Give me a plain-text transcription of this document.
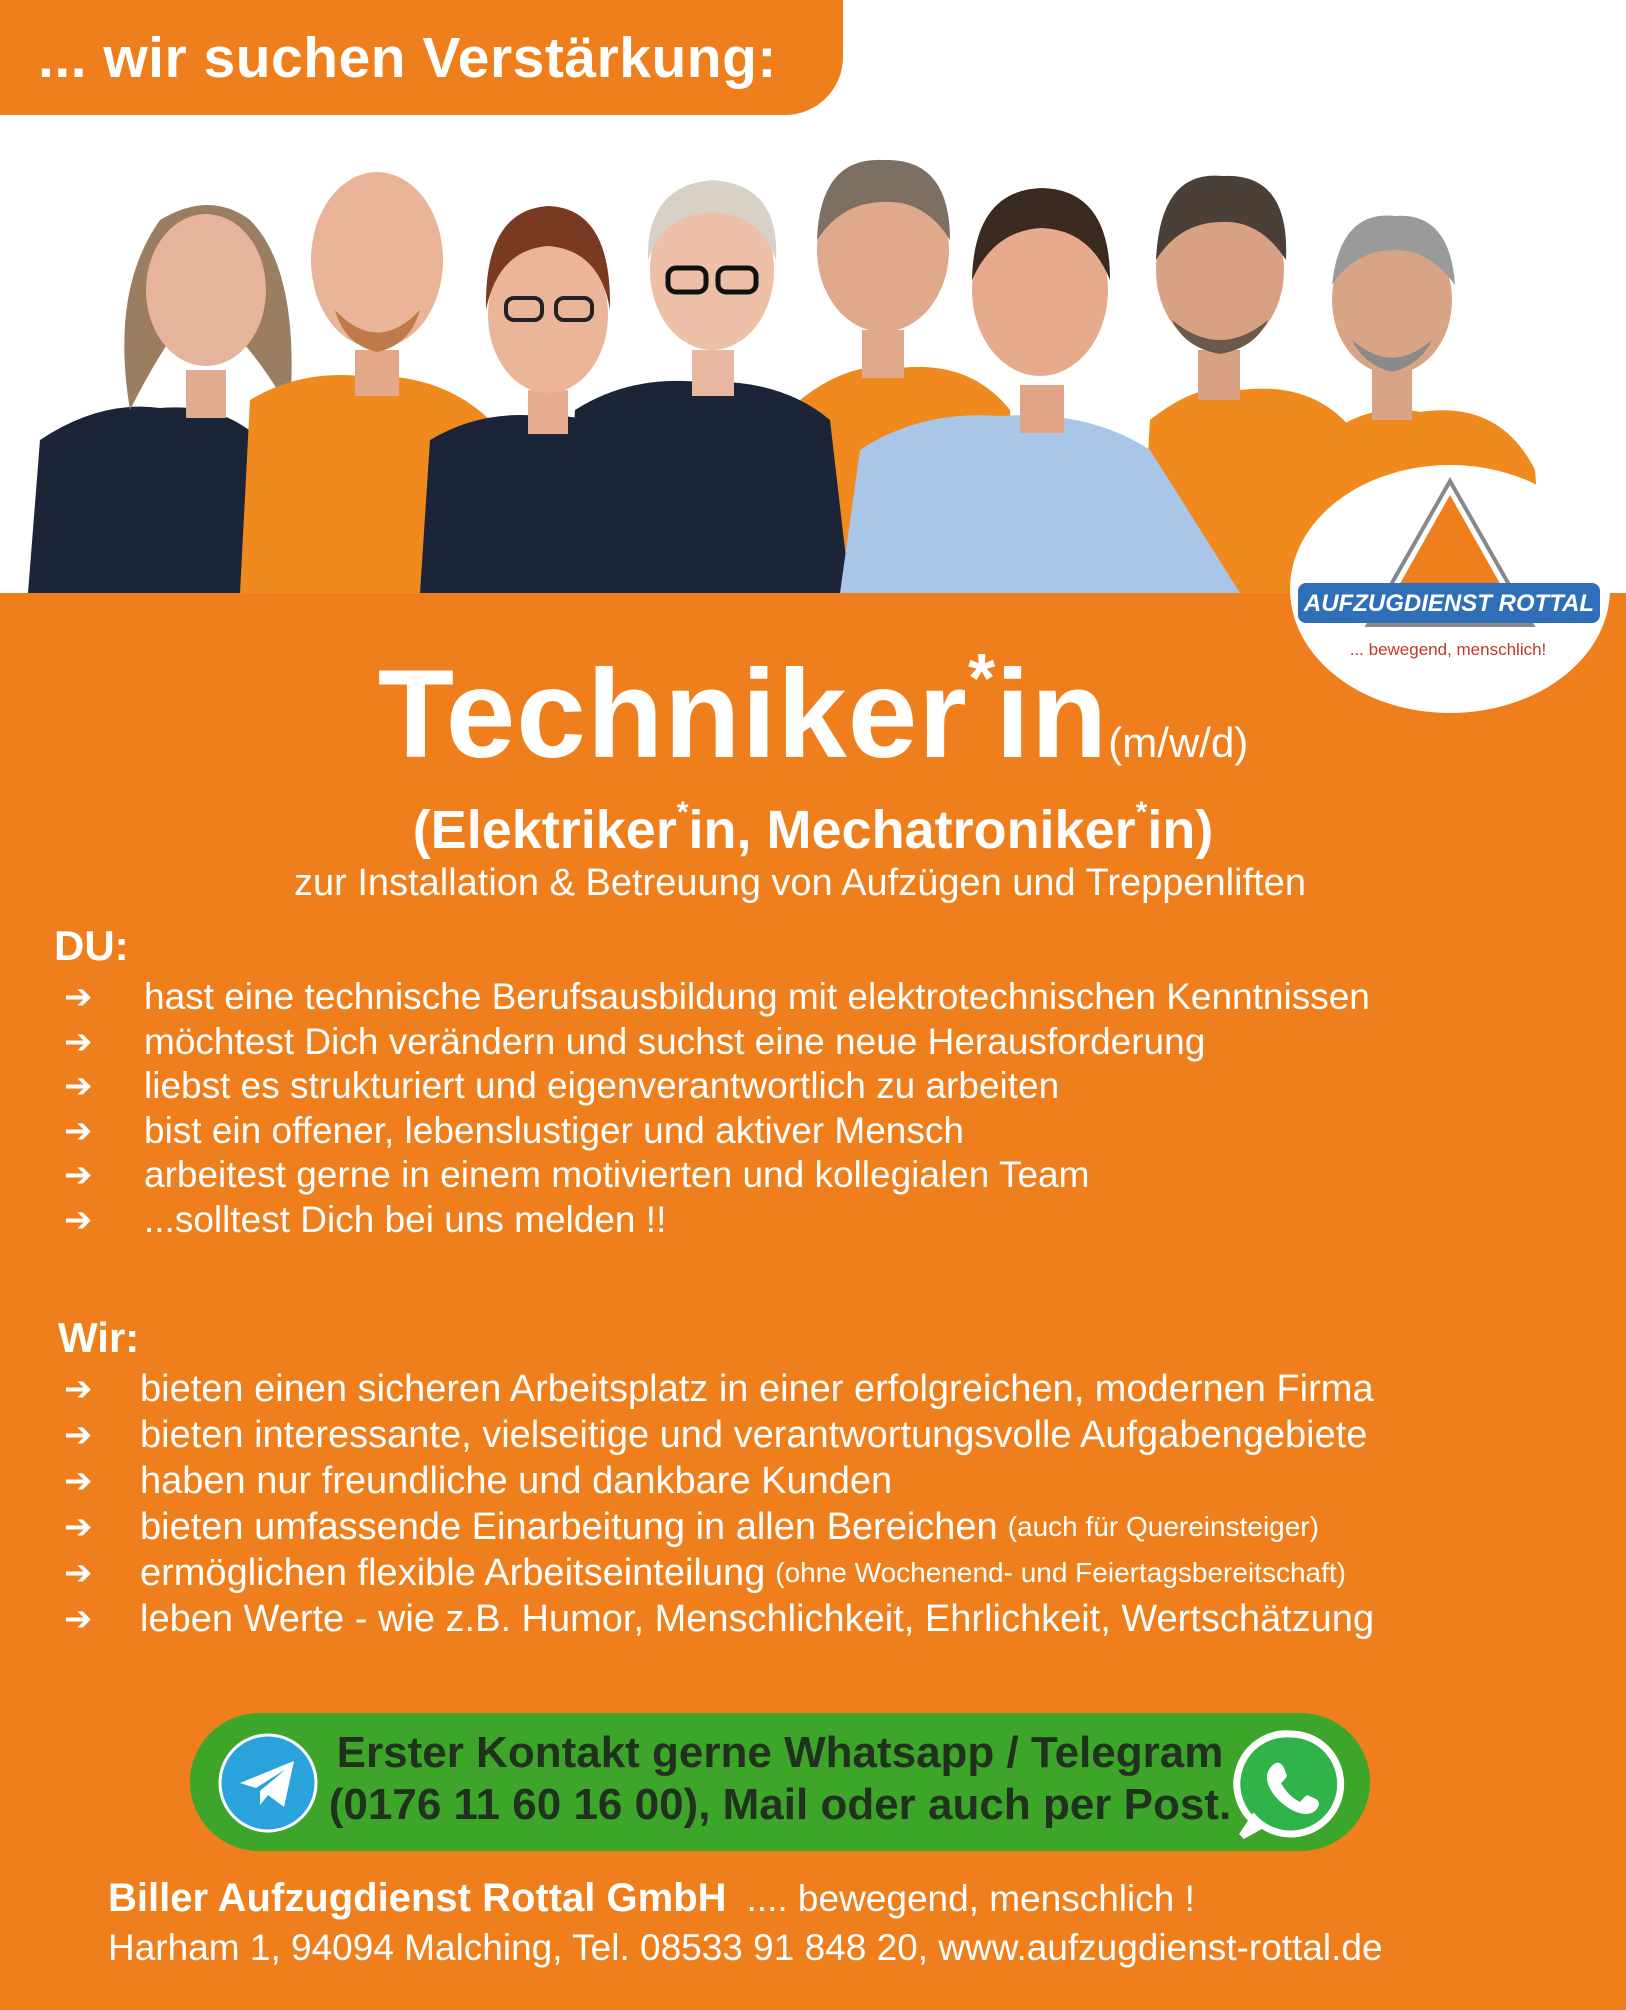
... wir suchen Verstärkung:
AUFZUGDIENST ROTTAL
... bewegend, menschlich!
Techniker*in(m/w/d)
(Elektriker*in, Mechatroniker*in)
zur Installation & Betreuung von Aufzügen und Treppenliften
DU:
➔	hast eine technische Berufsausbildung mit elektrotechnischen Kenntnissen
➔	möchtest Dich verändern und suchst eine neue Herausforderung
➔	liebst es strukturiert und eigenverantwortlich zu arbeiten
➔	bist ein offener, lebenslustiger und aktiver Mensch
➔	arbeitest gerne in einem motivierten und kollegialen Team
➔	...solltest Dich bei uns melden !!
Wir:
➔	bieten einen sicheren Arbeitsplatz in einer erfolgreichen, modernen Firma
➔	bieten interessante, vielseitige und verantwortungsvolle Aufgabengebiete
➔	haben nur freundliche und dankbare Kunden
➔	bieten umfassende Einarbeitung in allen Bereichen (auch für Quereinsteiger)
➔	ermöglichen flexible Arbeitseinteilung (ohne Wochenend- und Feiertagsbereitschaft)
➔	leben Werte - wie z.B. Humor, Menschlichkeit, Ehrlichkeit, Wertschätzung
Erster Kontakt gerne Whatsapp / Telegram
(0176 11 60 16 00), Mail oder auch per Post.
Biller Aufzugdienst Rottal GmbH .... bewegend, menschlich !
Harham 1, 94094 Malching, Tel. 08533 91 848 20, www.aufzugdienst-rottal.de
